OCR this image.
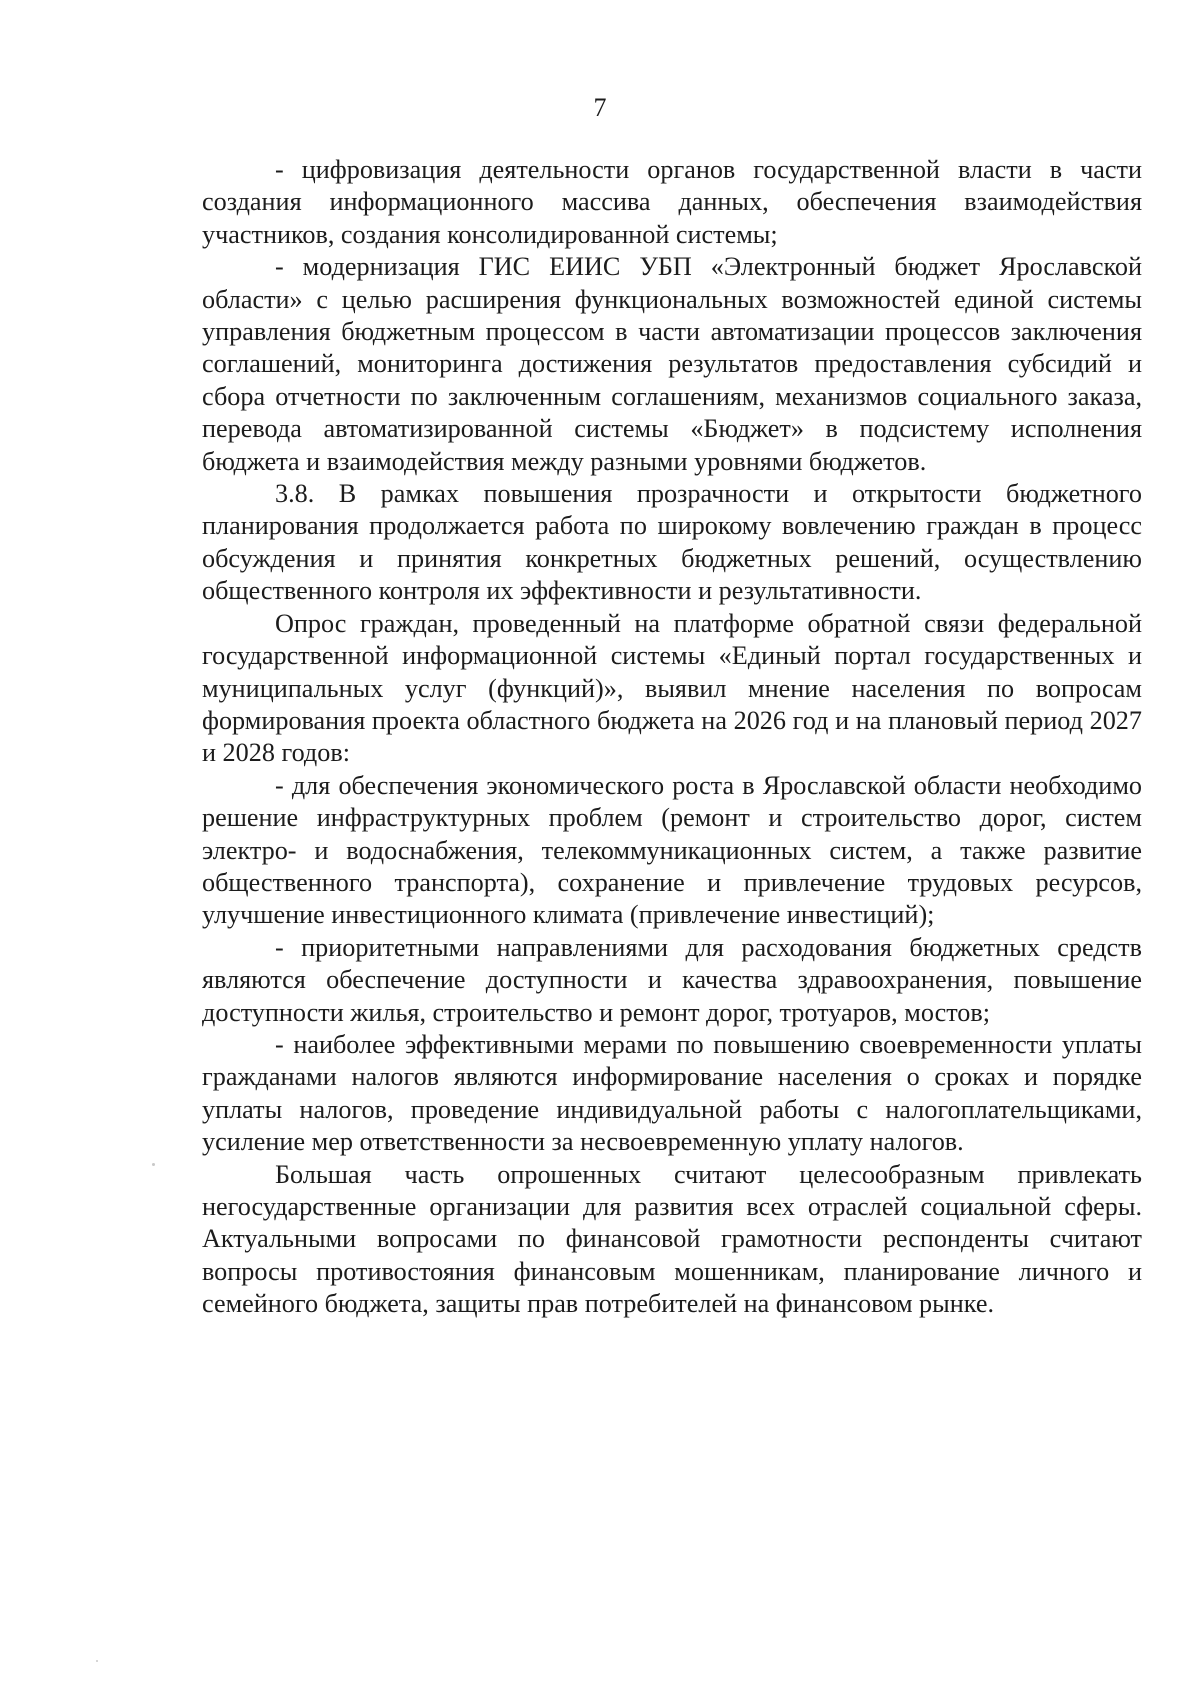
7

- цифровизация деятельности органов государственной власти в части создания информационного массива данных, обеспечения взаимодействия участников, создания консолидированной системы;

- модернизация ГИС ЕИИС УБП «Электронный бюджет Ярославской области» с целью расширения функциональных возможностей единой системы управления бюджетным процессом в части автоматизации процессов заключения соглашений, мониторинга достижения результатов предоставления субсидий и сбора отчетности по заключенным соглашениям, механизмов социального заказа, перевода автоматизированной системы «Бюджет» в подсистему исполнения бюджета и взаимодействия между разными уровнями бюджетов.

3.8. В рамках повышения прозрачности и открытости бюджетного планирования продолжается работа по широкому вовлечению граждан в процесс обсуждения и принятия конкретных бюджетных решений, осуществлению общественного контроля их эффективности и результативности.

Опрос граждан, проведенный на платформе обратной связи федеральной государственной информационной системы «Единый портал государственных и муниципальных услуг (функций)», выявил мнение населения по вопросам формирования проекта областного бюджета на 2026 год и на плановый период 2027 и 2028 годов:

- для обеспечения экономического роста в Ярославской области необходимо решение инфраструктурных проблем (ремонт и строительство дорог, систем электро- и водоснабжения, телекоммуникационных систем, а также развитие общественного транспорта), сохранение и привлечение трудовых ресурсов, улучшение инвестиционного климата (привлечение инвестиций);

- приоритетными направлениями для расходования бюджетных средств являются обеспечение доступности и качества здравоохранения, повышение доступности жилья, строительство и ремонт дорог, тротуаров, мостов;

- наиболее эффективными мерами по повышению своевременности уплаты гражданами налогов являются информирование населения о сроках и порядке уплаты налогов, проведение индивидуальной работы с налогоплательщиками, усиление мер ответственности за несвоевременную уплату налогов.

Большая часть опрошенных считают целесообразным привлекать негосударственные организации для развития всех отраслей социальной сферы. Актуальными вопросами по финансовой грамотности респонденты считают вопросы противостояния финансовым мошенникам, планирование личного и семейного бюджета, защиты прав потребителей на финансовом рынке.
